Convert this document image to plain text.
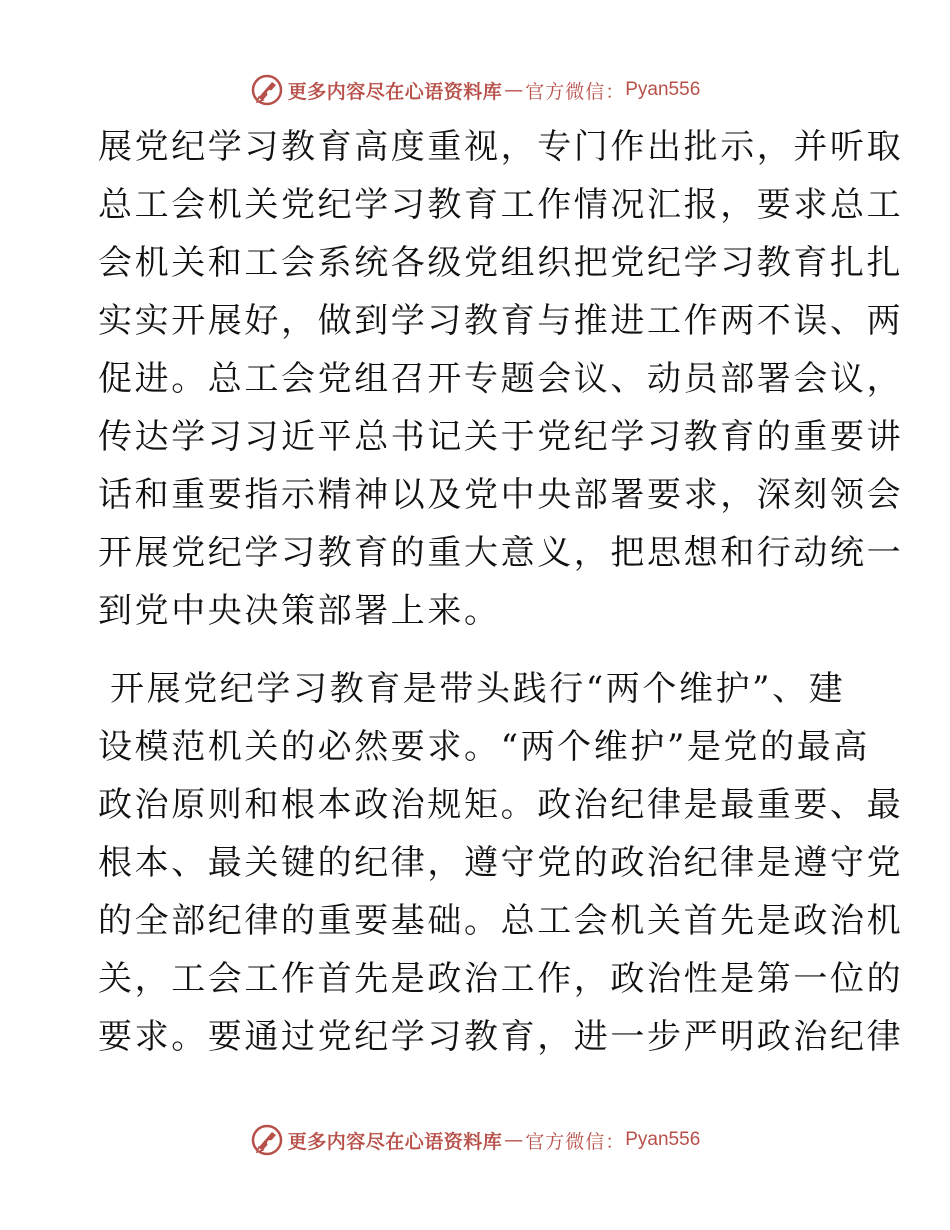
更多内容尽在心语资料库 — 官方微信： Pyan556
展党纪学习教育高度重视，专门作出批示，并听取
总工会机关党纪学习教育工作情况汇报，要求总工
会机关和工会系统各级党组织把党纪学习教育扎扎
实实开展好，做到学习教育与推进工作两不误、两
促进。总工会党组召开专题会议、动员部署会议，
传达学习习近平总书记关于党纪学习教育的重要讲
话和重要指示精神以及党中央部署要求，深刻领会
开展党纪学习教育的重大意义，把思想和行动统一
到党中央决策部署上来。
开展党纪学习教育是带头践行“两个维护”、建
设模范机关的必然要求。“两个维护”是党的最高
政治原则和根本政治规矩。政治纪律是最重要、最
根本、最关键的纪律，遵守党的政治纪律是遵守党
的全部纪律的重要基础。总工会机关首先是政治机
关，工会工作首先是政治工作，政治性是第一位的
要求。要通过党纪学习教育，进一步严明政治纪律
更多内容尽在心语资料库 — 官方微信： Pyan556
